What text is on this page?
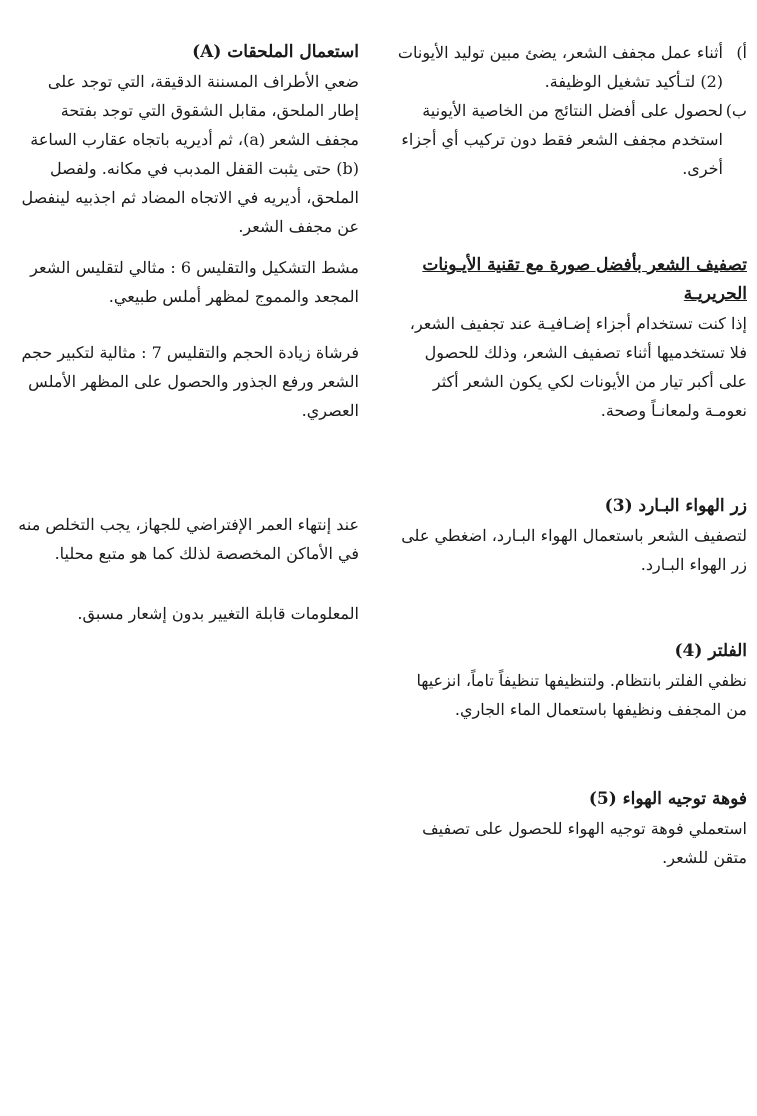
أ)
أثناء عمل مجفف الشعر، يضئ مبين توليد الأيونات (2) لتـأكيد تشغيل الوظيفة.
ب)
لحصول على أفضل النتائج من الخاصية الأيونية استخدم مجفف الشعر فقط دون تركيب أي أجزاء أخرى.
تصفيف الشعر بأفضل صورة مع تقنية الأيـونات الحريريـة

إذا كنت تستخدام أجزاء إضـافيـة عند تجفيف الشعر، فلا تستخدميها أثناء تصفيف الشعر، وذلك للحصول على أكبر تيار من الأيونات لكي يكون الشعر أكثر نعومـة ولمعانـاً وصحة.

زر الهواء البـارد (3)

لتصفيف الشعر باستعمال الهواء البـارد، اضغطي على زر الهواء البـارد.

الفلتر (4)

نظفي الفلتر بانتظام. ولتنظيفها تنظيفاً تاماً، انزعيها من المجفف ونظيفها باستعمال الماء الجاري.

فوهة توجيه الهواء (5)

استعملي فوهة توجيه الهواء للحصول على تصفيف متقن للشعر.

استعمال الملحقات (A)

ضعي الأطراف المسننة الدقيقة، التي توجد على إطار الملحق، مقابل الشقوق التي توجد بفتحة مجفف الشعر (a)، ثم أديريه باتجاه عقارب الساعة (b) حتى يثبت القفل المدبب في مكانه. ولفصل الملحق، أديريه في الاتجاه المضاد ثم اجذبيه لينفصل عن مجفف الشعر.

مشط التشكيل والتقليس 6 : مثالي لتقليس الشعر المجعد والمموج لمظهر أملس طبيعي.

فرشاة زيادة الحجم والتقليس 7 : مثالية لتكبير حجم الشعر ورفع الجذور والحصول على المظهر الأملس العصري.

عند إنتهاء العمر الإفتراضي للجهاز، يجب التخلص منه في الأماكن المخصصة لذلك كما هو متبع محليا.

المعلومات قابلة التغيير بدون إشعار مسبق.
